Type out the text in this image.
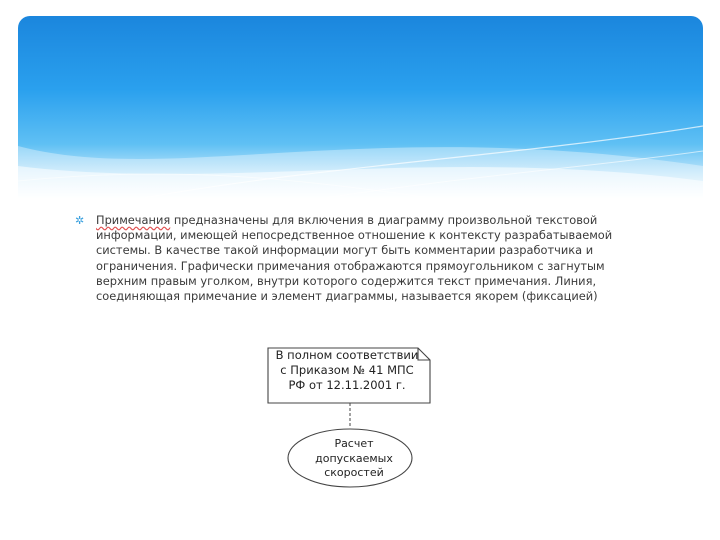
✲ Примечания предназначены для включения в диаграмму произвольной текстовой информации, имеющей непосредственное отношение к контексту разрабатываемой системы. В качестве такой информации могут быть комментарии разработчика и ограничения. Графически примечания отображаются прямоугольником с загнутым верхним правым уголком, внутри которого содержится текст примечания. Линия, соединяющая примечание и элемент диаграммы, называется якорем (фиксацией)
В полном соответствии
с Приказом № 41 МПС
РФ от 12.11.2001 г.
Расчет
допускаемых
скоростей
